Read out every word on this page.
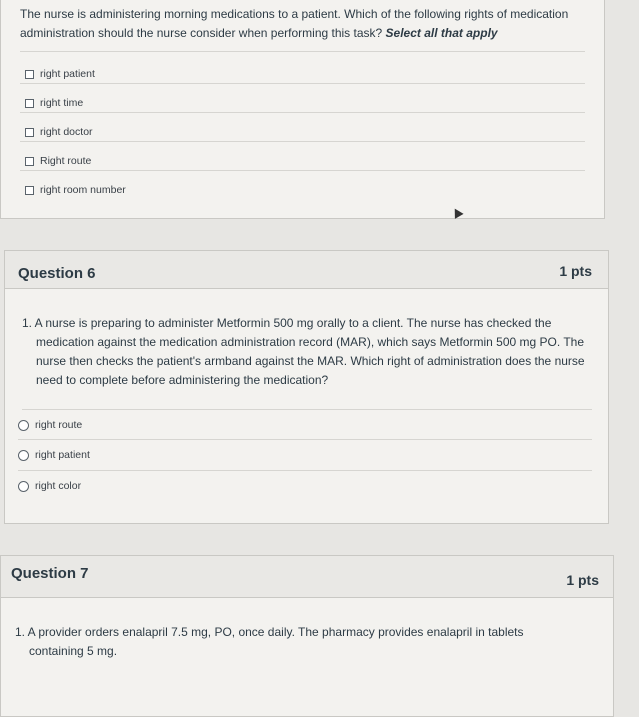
The nurse is administering morning medications to a patient. Which of the following rights of medication administration should the nurse consider when performing this task? Select all that apply
right patient
right time
right doctor
Right route
right room number
Question 6	1 pts
1. A nurse is preparing to administer Metformin 500 mg orally to a client. The nurse has checked the medication against the medication administration record (MAR), which says Metformin 500 mg PO. The nurse then checks the patient's armband against the MAR. Which right of administration does the nurse need to complete before administering the medication?
right route
right patient
right color
Question 7	1 pts
1. A provider orders enalapril 7.5 mg, PO, once daily. The pharmacy provides enalapril in tablets containing 5 mg.
